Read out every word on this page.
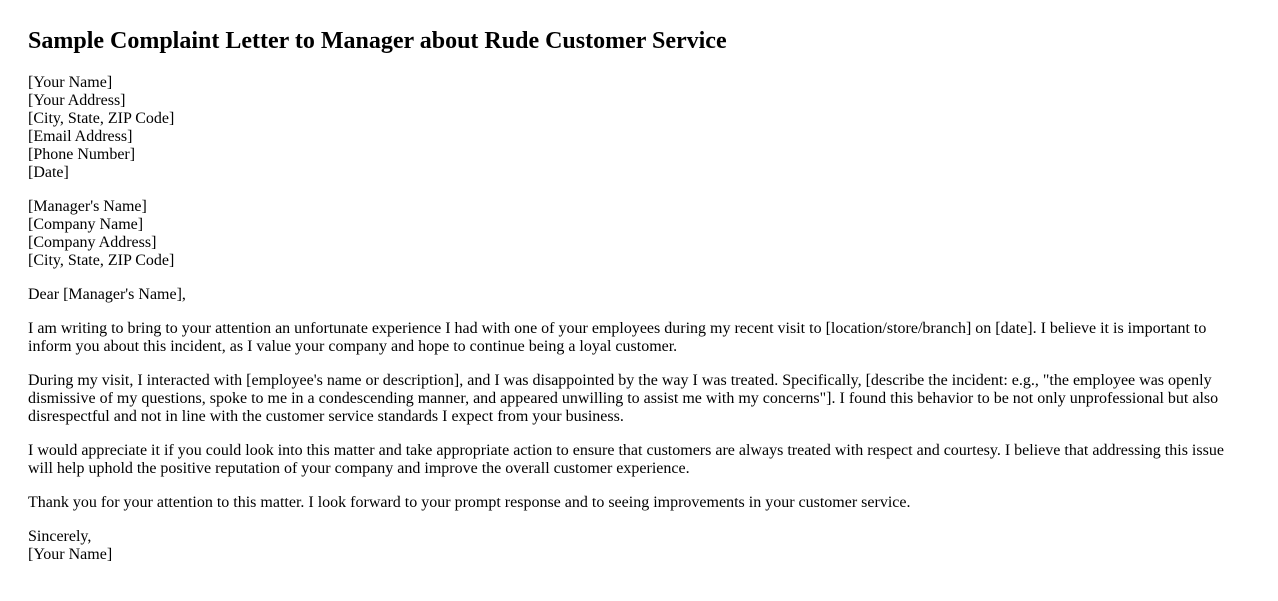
Sample Complaint Letter to Manager about Rude Customer Service
[Your Name]
[Your Address]
[City, State, ZIP Code]
[Email Address]
[Phone Number]
[Date]
[Manager's Name]
[Company Name]
[Company Address]
[City, State, ZIP Code]

Dear [Manager's Name],

I am writing to bring to your attention an unfortunate experience I had with one of your employees during my recent visit to [location/store/branch] on [date]. I believe it is important to inform you about this incident, as I value your company and hope to continue being a loyal customer.

During my visit, I interacted with [employee's name or description], and I was disappointed by the way I was treated. Specifically, [describe the incident: e.g., "the employee was openly dismissive of my questions, spoke to me in a condescending manner, and appeared unwilling to assist me with my concerns"]. I found this behavior to be not only unprofessional but also disrespectful and not in line with the customer service standards I expect from your business.

I would appreciate it if you could look into this matter and take appropriate action to ensure that customers are always treated with respect and courtesy. I believe that addressing this issue will help uphold the positive reputation of your company and improve the overall customer experience.

Thank you for your attention to this matter. I look forward to your prompt response and to seeing improvements in your customer service.

Sincerely,
[Your Name]
